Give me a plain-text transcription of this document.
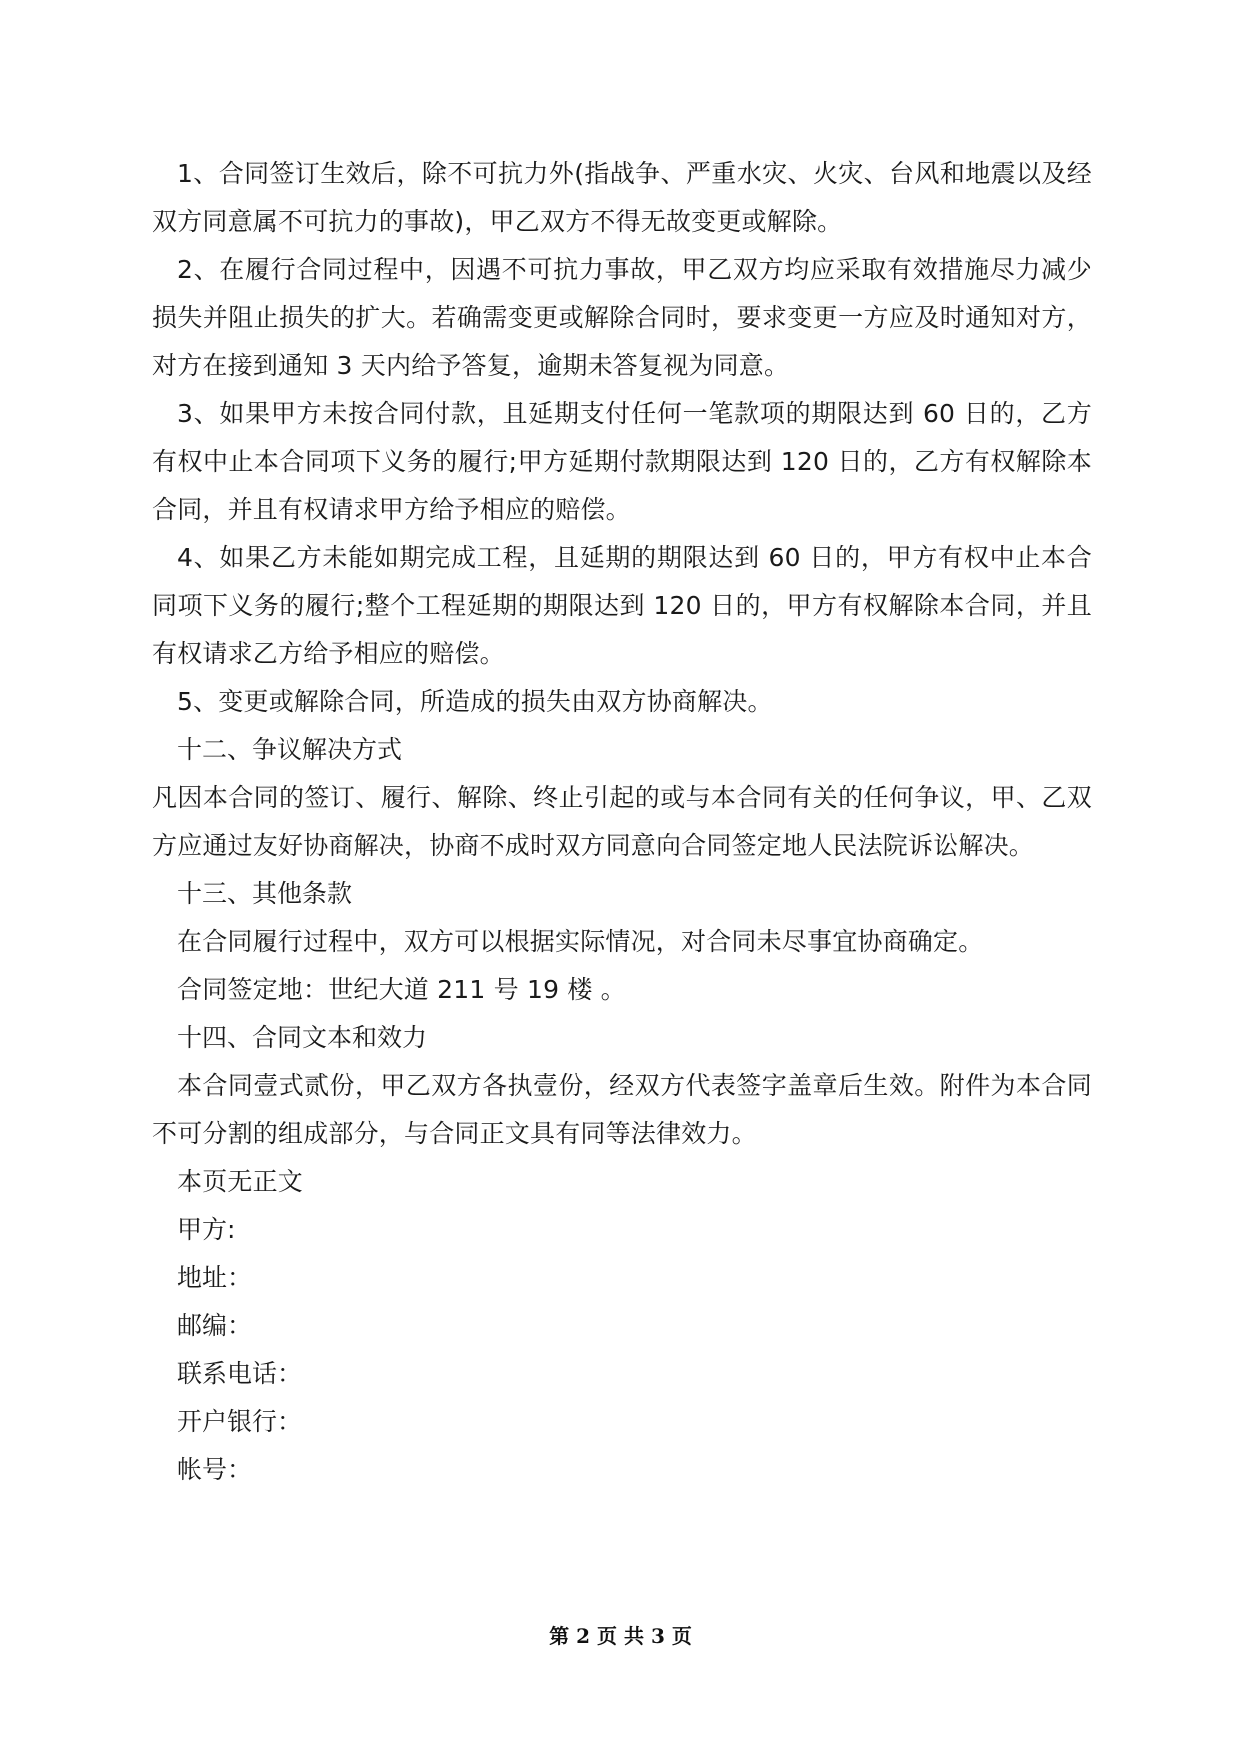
1、合同签订生效后，除不可抗力外(指战争、严重水灾、火灾、台风和地震以及经双方同意属不可抗力的事故)，甲乙双方不得无故变更或解除。

2、在履行合同过程中，因遇不可抗力事故，甲乙双方均应采取有效措施尽力减少损失并阻止损失的扩大。若确需变更或解除合同时，要求变更一方应及时通知对方，对方在接到通知 3 天内给予答复，逾期未答复视为同意。

3、如果甲方未按合同付款，且延期支付任何一笔款项的期限达到 60 日的，乙方有权中止本合同项下义务的履行;甲方延期付款期限达到 120 日的，乙方有权解除本合同，并且有权请求甲方给予相应的赔偿。

4、如果乙方未能如期完成工程，且延期的期限达到 60 日的，甲方有权中止本合同项下义务的履行;整个工程延期的期限达到 120 日的，甲方有权解除本合同，并且有权请求乙方给予相应的赔偿。

5、变更或解除合同，所造成的损失由双方协商解决。

十二、争议解决方式

凡因本合同的签订、履行、解除、终止引起的或与本合同有关的任何争议，甲、乙双方应通过友好协商解决，协商不成时双方同意向合同签定地人民法院诉讼解决。

十三、其他条款

在合同履行过程中，双方可以根据实际情况，对合同未尽事宜协商确定。

合同签定地：世纪大道 211 号 19 楼 。

十四、合同文本和效力

本合同壹式贰份，甲乙双方各执壹份，经双方代表签字盖章后生效。附件为本合同不可分割的组成部分，与合同正文具有同等法律效力。

本页无正文

甲方:

地址：

邮编：

联系电话：

开户银行：

帐号：

第 2 页 共 3 页
